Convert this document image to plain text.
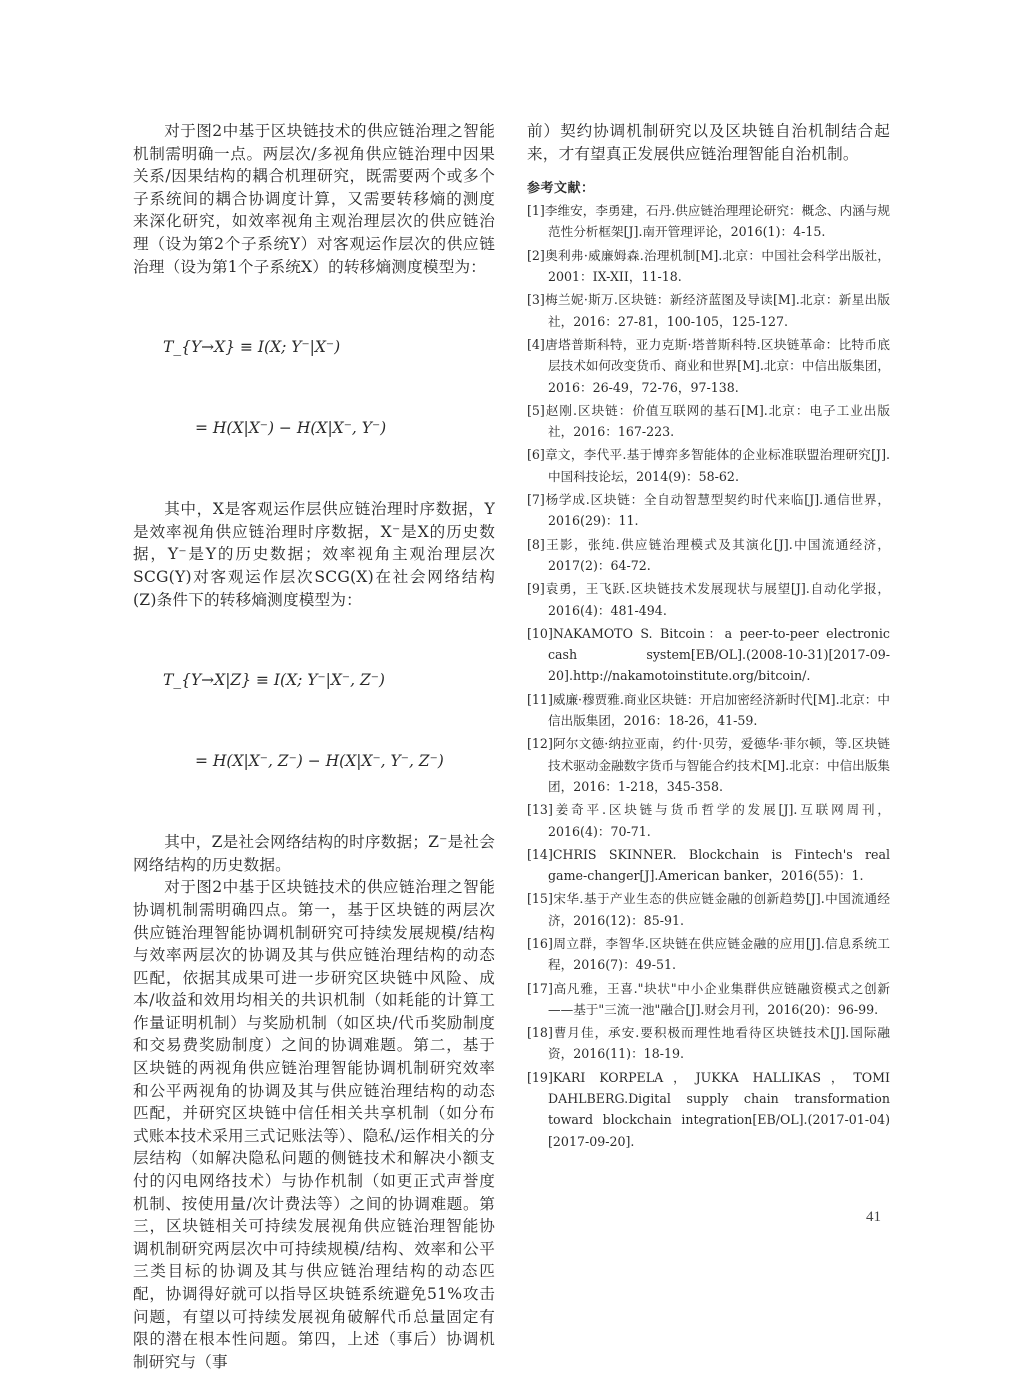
对于图2中基于区块链技术的供应链治理之智能机制需明确一点。两层次/多视角供应链治理中因果关系/因果结构的耦合机理研究，既需要两个或多个子系统间的耦合协调度计算，又需要转移熵的测度来深化研究，如效率视角主观治理层次的供应链治理（设为第2个子系统Y）对客观运作层次的供应链治理（设为第1个子系统X）的转移熵测度模型为：

T_{Y→X} ≡ I(X; Y⁻|X⁻)

= H(X|X⁻) − H(X|X⁻, Y⁻)

其中，X是客观运作层供应链治理时序数据，Y是效率视角供应链治理时序数据，X⁻是X的历史数据，Y⁻是Y的历史数据；效率视角主观治理层次SCG(Y)对客观运作层次SCG(X)在社会网络结构(Z)条件下的转移熵测度模型为：

T_{Y→X|Z} ≡ I(X; Y⁻|X⁻, Z⁻)

= H(X|X⁻, Z⁻) − H(X|X⁻, Y⁻, Z⁻)

其中，Z是社会网络结构的时序数据；Z⁻是社会网络结构的历史数据。

对于图2中基于区块链技术的供应链治理之智能协调机制需明确四点。第一，基于区块链的两层次供应链治理智能协调机制研究可持续发展规模/结构与效率两层次的协调及其与供应链治理结构的动态匹配，依据其成果可进一步研究区块链中风险、成本/收益和效用均相关的共识机制（如耗能的计算工作量证明机制）与奖励机制（如区块/代币奖励制度和交易费奖励制度）之间的协调难题。第二，基于区块链的两视角供应链治理智能协调机制研究效率和公平两视角的协调及其与供应链治理结构的动态匹配，并研究区块链中信任相关共享机制（如分布式账本技术采用三式记账法等）、隐私/运作相关的分层结构（如解决隐私问题的侧链技术和解决小额支付的闪电网络技术）与协作机制（如更正式声誉度机制、按使用量/次计费法等）之间的协调难题。第三，区块链相关可持续发展视角供应链治理智能协调机制研究两层次中可持续规模/结构、效率和公平三类目标的协调及其与供应链治理结构的动态匹配，协调得好就可以指导区块链系统避免51%攻击问题，有望以可持续发展视角破解代币总量固定有限的潜在根本性问题。第四，上述（事后）协调机制研究与（事

前）契约协调机制研究以及区块链自治机制结合起来，才有望真正发展供应链治理智能自治机制。

参考文献：

[1]李维安，李勇建，石丹.供应链治理理论研究：概念、内涵与规范性分析框架[J].南开管理评论，2016(1)：4-15.

[2]奥利弗·威廉姆森.治理机制[M].北京：中国社会科学出版社，2001：IX-XII，11-18.

[3]梅兰妮·斯万.区块链：新经济蓝图及导读[M].北京：新星出版社，2016：27-81，100-105，125-127.

[4]唐塔普斯科特，亚力克斯·塔普斯科特.区块链革命：比特币底层技术如何改变货币、商业和世界[M].北京：中信出版集团，2016：26-49，72-76，97-138.

[5]赵刚.区块链：价值互联网的基石[M].北京：电子工业出版社，2016：167-223.

[6]章文，李代平.基于博弈多智能体的企业标准联盟治理研究[J].中国科技论坛，2014(9)：58-62.

[7]杨学成.区块链：全自动智慧型契约时代来临[J].通信世界，2016(29)：11.

[8]王影，张纯.供应链治理模式及其演化[J].中国流通经济，2017(2)：64-72.

[9]袁勇，王飞跃.区块链技术发展现状与展望[J].自动化学报，2016(4)：481-494.

[10]NAKAMOTO S. Bitcoin：a peer-to-peer electronic cash system[EB/OL].(2008-10-31)[2017-09-20].http://nakamotoinstitute.org/bitcoin/.

[11]威廉·穆贾雅.商业区块链：开启加密经济新时代[M].北京：中信出版集团，2016：18-26，41-59.

[12]阿尔文德·纳拉亚南，约什·贝劳，爱德华·菲尔顿，等.区块链技术驱动金融数字货币与智能合约技术[M].北京：中信出版集团，2016：1-218，345-358.

[13]姜奇平.区块链与货币哲学的发展[J].互联网周刊，2016(4)：70-71.

[14]CHRIS SKINNER. Blockchain is Fintech's real game-changer[J].American banker，2016(55)：1.

[15]宋华.基于产业生态的供应链金融的创新趋势[J].中国流通经济，2016(12)：85-91.

[16]周立群，李智华.区块链在供应链金融的应用[J].信息系统工程，2016(7)：49-51.

[17]高凡雅，王喜."块状"中小企业集群供应链融资模式之创新——基于"三流一池"融合[J].财会月刊，2016(20)：96-99.

[18]曹月佳，承安.要积极而理性地看待区块链技术[J].国际融资，2016(11)：18-19.

[19]KARI KORPELA，JUKKA HALLIKAS，TOMI DAHLBERG.Digital supply chain transformation toward blockchain integration[EB/OL].(2017-01-04)[2017-09-20].

41
